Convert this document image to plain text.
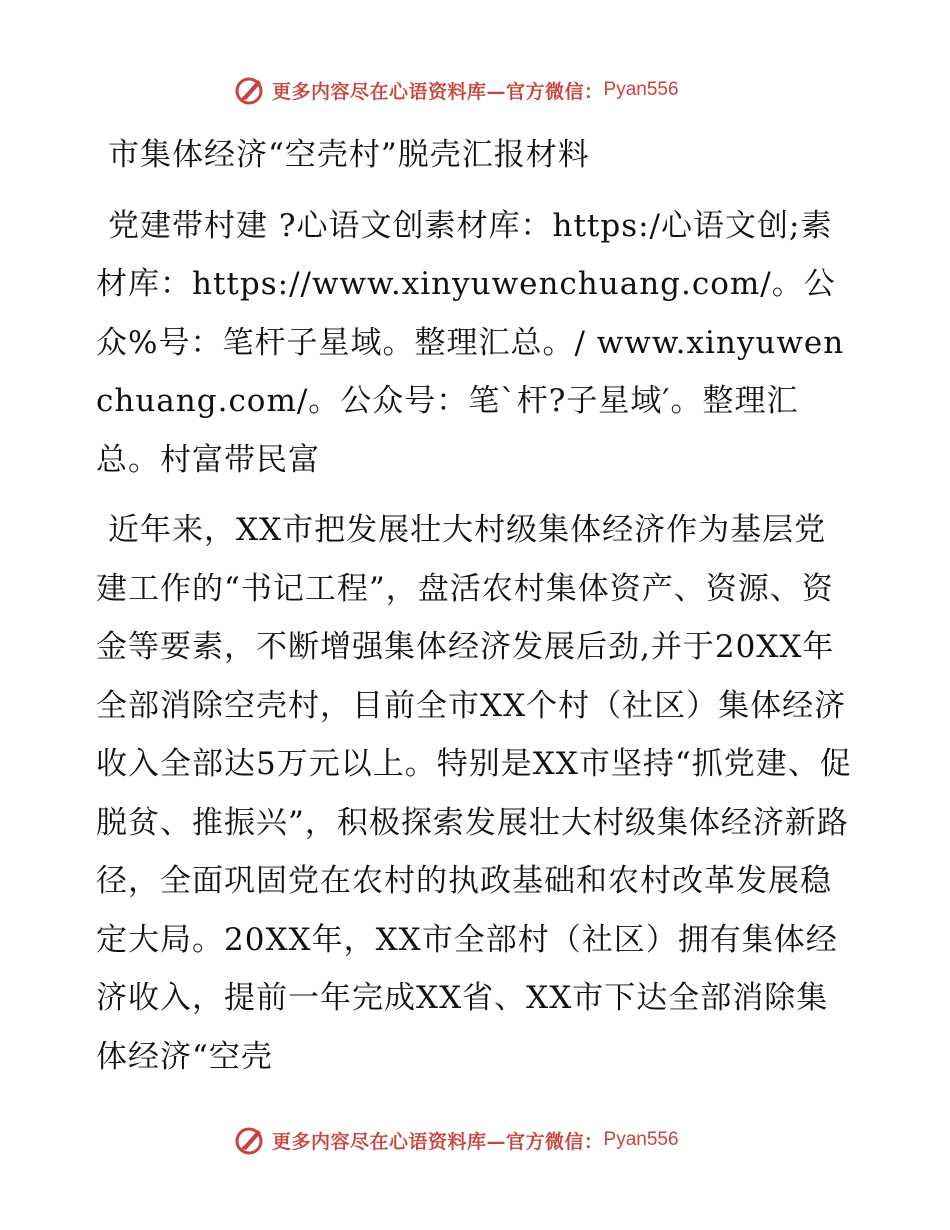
更多内容尽在心语资料库—官方微信： Pyan556

市集体经济“空壳村”脱壳汇报材料

党建带村建 ?心语文创素材库：https:/心语文创;素材库：https://www.xinyuwenchuang.com/。公众%号：笔杆子星域。整理汇总。/ www.xinyuwenchuang.com/。公众号：笔`杆?子星域′。整理汇总。村富带民富

近年来，XX市把发展壮大村级集体经济作为基层党建工作的“书记工程”，盘活农村集体资产、资源、资金等要素，不断增强集体经济发展后劲,并于20XX年全部消除空壳村，目前全市XX个村（社区）集体经济收入全部达5万元以上。特别是XX市坚持“抓党建、促脱贫、推振兴”，积极探索发展壮大村级集体经济新路径，全面巩固党在农村的执政基础和农村改革发展稳定大局。20XX年，XX市全部村（社区）拥有集体经济收入，提前一年完成XX省、XX市下达全部消除集体经济“空壳

更多内容尽在心语资料库—官方微信： Pyan556
